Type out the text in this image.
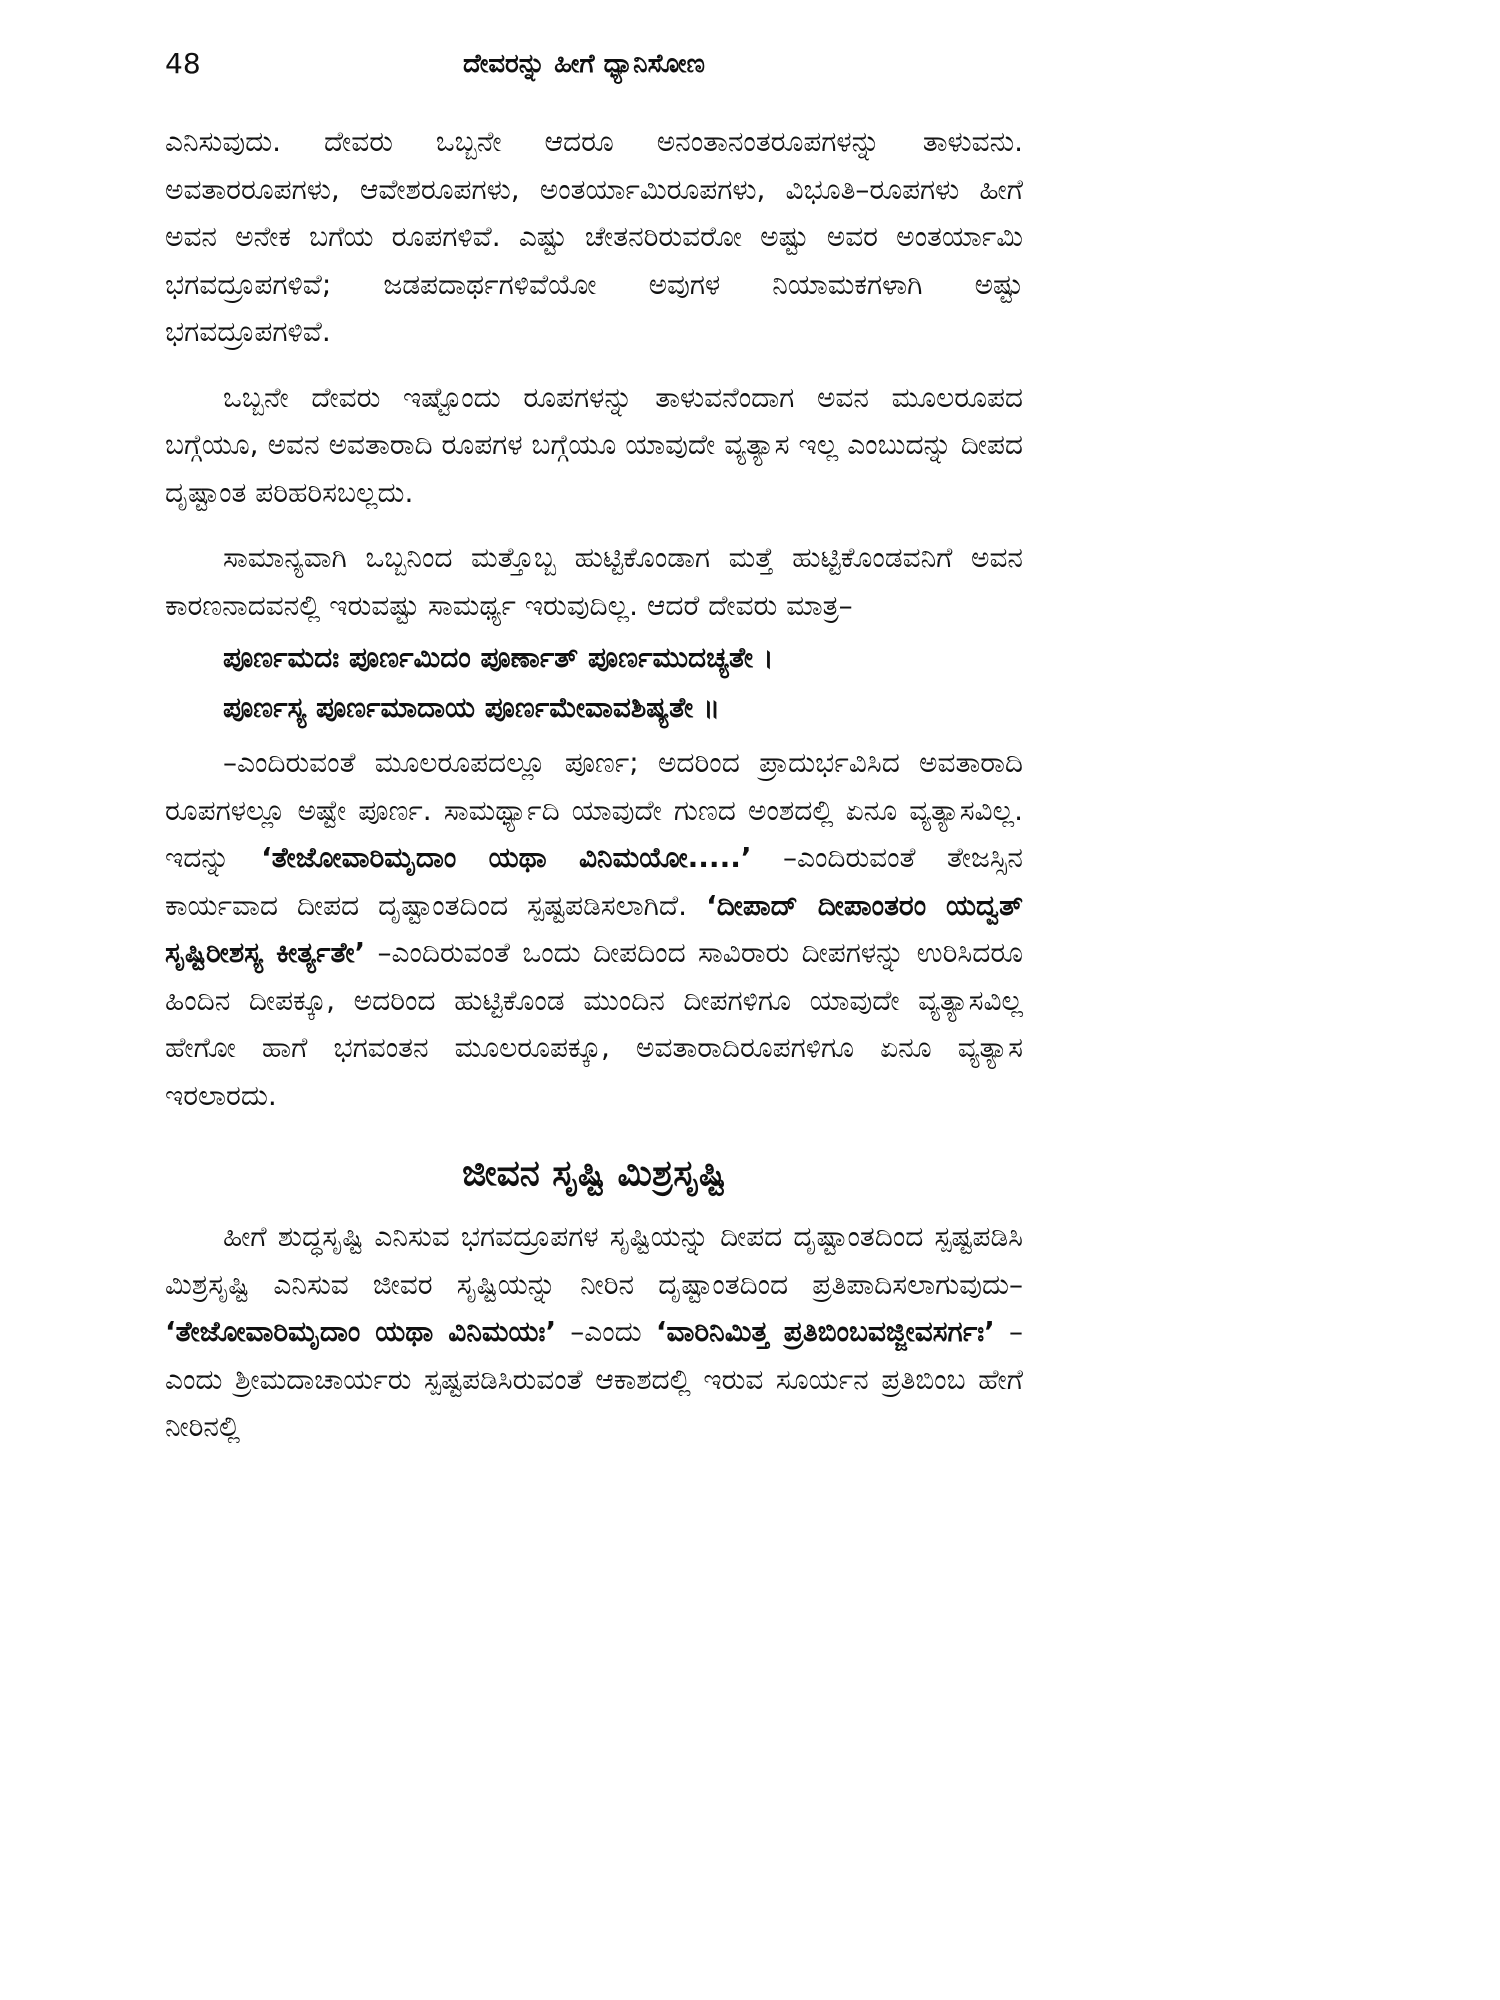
48	ದೇವರನ್ನು ಹೀಗೆ ಧ್ಯಾನಿಸೋಣ

ಎನಿಸುವುದು. ದೇವರು ಒಬ್ಬನೇ ಆದರೂ ಅನಂತಾನಂತರೂಪಗಳನ್ನು ತಾಳುವನು. ಅವತಾರರೂಪಗಳು, ಆವೇಶರೂಪಗಳು, ಅಂತರ್ಯಾಮಿರೂಪಗಳು, ವಿಭೂತಿ–ರೂಪಗಳು ಹೀಗೆ ಅವನ ಅನೇಕ ಬಗೆಯ ರೂಪಗಳಿವೆ. ಎಷ್ಟು ಚೇತನರಿರುವರೋ ಅಷ್ಟು ಅವರ ಅಂತರ್ಯಾಮಿ ಭಗವದ್ರೂಪಗಳಿವೆ; ಜಡಪದಾರ್ಥಗಳಿವೆಯೋ ಅವುಗಳ ನಿಯಾಮಕಗಳಾಗಿ ಅಷ್ಟು ಭಗವದ್ರೂಪಗಳಿವೆ.

ಒಬ್ಬನೇ ದೇವರು ಇಷ್ಟೊಂದು ರೂಪಗಳನ್ನು ತಾಳುವನೆಂದಾಗ ಅವನ ಮೂಲರೂಪದ ಬಗ್ಗೆಯೂ, ಅವನ ಅವತಾರಾದಿ ರೂಪಗಳ ಬಗ್ಗೆಯೂ ಯಾವುದೇ ವ್ಯತ್ಯಾಸ ಇಲ್ಲ ಎಂಬುದನ್ನು ದೀಪದ ದೃಷ್ಟಾಂತ ಪರಿಹರಿಸಬಲ್ಲದು.

ಸಾಮಾನ್ಯವಾಗಿ ಒಬ್ಬನಿಂದ ಮತ್ತೊಬ್ಬ ಹುಟ್ಟಿಕೊಂಡಾಗ ಮತ್ತೆ ಹುಟ್ಟಿಕೊಂಡವನಿಗೆ ಅವನ ಕಾರಣನಾದವನಲ್ಲಿ ಇರುವಷ್ಟು ಸಾಮರ್ಥ್ಯ ಇರುವುದಿಲ್ಲ. ಆದರೆ ದೇವರು ಮಾತ್ರ–

ಪೂರ್ಣಮದಃ ಪೂರ್ಣಮಿದಂ ಪೂರ್ಣಾತ್ ಪೂರ್ಣಮುದಚ್ಯತೇ ।
ಪೂರ್ಣಸ್ಯ ಪೂರ್ಣಮಾದಾಯ ಪೂರ್ಣಮೇವಾವಶಿಷ್ಯತೇ ॥

–ಎಂದಿರುವಂತೆ ಮೂಲರೂಪದಲ್ಲೂ ಪೂರ್ಣ; ಅದರಿಂದ ಪ್ರಾದುರ್ಭವಿಸಿದ ಅವತಾರಾದಿ ರೂಪಗಳಲ್ಲೂ ಅಷ್ಟೇ ಪೂರ್ಣ. ಸಾಮರ್ಥ್ಯಾದಿ ಯಾವುದೇ ಗುಣದ ಅಂಶದಲ್ಲಿ ಏನೂ ವ್ಯತ್ಯಾಸವಿಲ್ಲ. ಇದನ್ನು ‘ತೇಜೋವಾರಿಮೃದಾಂ ಯಥಾ ವಿನಿಮಯೋ.....’ –ಎಂದಿರುವಂತೆ ತೇಜಸ್ಸಿನ ಕಾರ್ಯವಾದ ದೀಪದ ದೃಷ್ಟಾಂತದಿಂದ ಸ್ಪಷ್ಟಪಡಿಸಲಾಗಿದೆ. ‘ದೀಪಾದ್ ದೀಪಾಂತರಂ ಯದ್ವತ್ ಸೃಷ್ಟಿರೀಶಸ್ಯ ಕೀರ್ತ್ಯತೇ’ –ಎಂದಿರುವಂತೆ ಒಂದು ದೀಪದಿಂದ ಸಾವಿರಾರು ದೀಪಗಳನ್ನು ಉರಿಸಿದರೂ ಹಿಂದಿನ ದೀಪಕ್ಕೂ, ಅದರಿಂದ ಹುಟ್ಟಿಕೊಂಡ ಮುಂದಿನ ದೀಪಗಳಿಗೂ ಯಾವುದೇ ವ್ಯತ್ಯಾಸವಿಲ್ಲ ಹೇಗೋ ಹಾಗೆ ಭಗವಂತನ ಮೂಲರೂಪಕ್ಕೂ, ಅವತಾರಾದಿರೂಪಗಳಿಗೂ ಏನೂ ವ್ಯತ್ಯಾಸ ಇರಲಾರದು.

ಜೀವನ ಸೃಷ್ಟಿ ಮಿಶ್ರಸೃಷ್ಟಿ

ಹೀಗೆ ಶುದ್ಧಸೃಷ್ಟಿ ಎನಿಸುವ ಭಗವದ್ರೂಪಗಳ ಸೃಷ್ಟಿಯನ್ನು ದೀಪದ ದೃಷ್ಟಾಂತದಿಂದ ಸ್ಪಷ್ಟಪಡಿಸಿ ಮಿಶ್ರಸೃಷ್ಟಿ ಎನಿಸುವ ಜೀವರ ಸೃಷ್ಟಿಯನ್ನು ನೀರಿನ ದೃಷ್ಟಾಂತದಿಂದ ಪ್ರತಿಪಾದಿಸಲಾಗುವುದು– ‘ತೇಜೋವಾರಿಮೃದಾಂ ಯಥಾ ವಿನಿಮಯಃ’ –ಎಂದು ‘ವಾರಿನಿಮಿತ್ತ ಪ್ರತಿಬಿಂಬವಜ್ಜೀವಸರ್ಗಃ’ –ಎಂದು ಶ್ರೀಮದಾಚಾರ್ಯರು ಸ್ಪಷ್ಟಪಡಿಸಿರುವಂತೆ ಆಕಾಶದಲ್ಲಿ ಇರುವ ಸೂರ್ಯನ ಪ್ರತಿಬಿಂಬ ಹೇಗೆ ನೀರಿನಲ್ಲಿ
